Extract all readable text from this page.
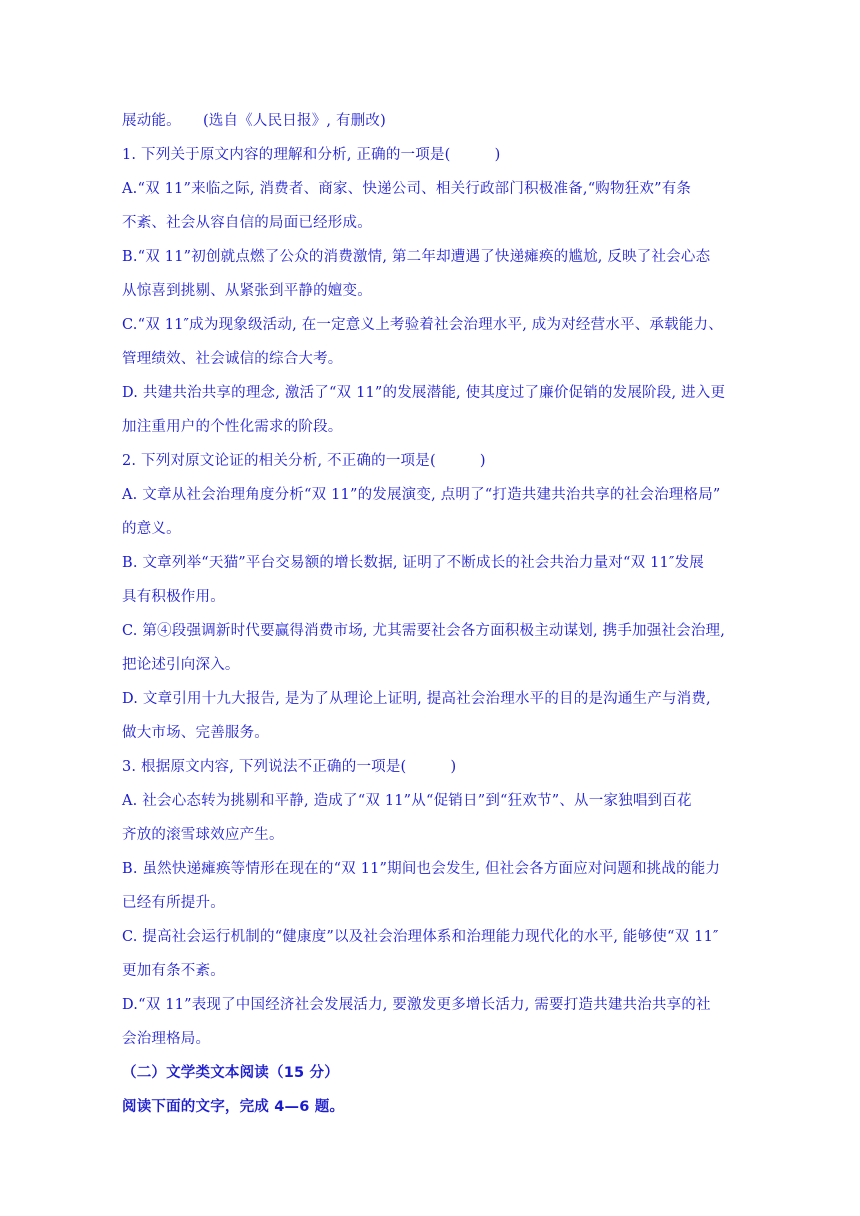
展动能。　　(选自《人民日报》, 有删改)
1. 下列关于原文内容的理解和分析, 正确的一项是(　　　)
A.“双 11”来临之际, 消费者、商家、快递公司、相关行政部门积极准备,“购物狂欢”有条
不紊、社会从容自信的局面已经形成。
B.“双 11”初创就点燃了公众的消费激情, 第二年却遭遇了快递瘫痪的尴尬, 反映了社会心态
从惊喜到挑剔、从紧张到平静的嬗变。
C.“双 11″成为现象级活动, 在一定意义上考验着社会治理水平, 成为对经营水平、承载能力、
管理绩效、社会诚信的综合大考。
D. 共建共治共享的理念, 激活了“双 11”的发展潜能, 使其度过了廉价促销的发展阶段, 进入更
加注重用户的个性化需求的阶段。
2. 下列对原文论证的相关分析, 不正确的一项是(　　　)
A. 文章从社会治理角度分析“双 11”的发展演变, 点明了“打造共建共治共享的社会治理格局”
的意义。
B. 文章列举“天猫”平台交易额的增长数据, 证明了不断成长的社会共治力量对“双 11″发展
具有积极作用。
C. 第④段强调新时代要赢得消费市场, 尤其需要社会各方面积极主动谋划, 携手加强社会治理,
把论述引向深入。
D. 文章引用十九大报告, 是为了从理论上证明, 提高社会治理水平的目的是沟通生产与消费,
做大市场、完善服务。
3. 根据原文内容, 下列说法不正确的一项是(　　　)
A. 社会心态转为挑剔和平静, 造成了“双 11”从“促销日”到“狂欢节”、从一家独唱到百花
齐放的滚雪球效应产生。
B. 虽然快递瘫痪等情形在现在的“双 11”期间也会发生, 但社会各方面应对问题和挑战的能力
已经有所提升。
C. 提高社会运行机制的“健康度”以及社会治理体系和治理能力现代化的水平, 能够使“双 11″
更加有条不紊。
D.“双 11”表现了中国经济社会发展活力, 要激发更多增长活力, 需要打造共建共治共享的社
会治理格局。
（二）文学类文本阅读（15 分）
阅读下面的文字，完成 4—6 题。
